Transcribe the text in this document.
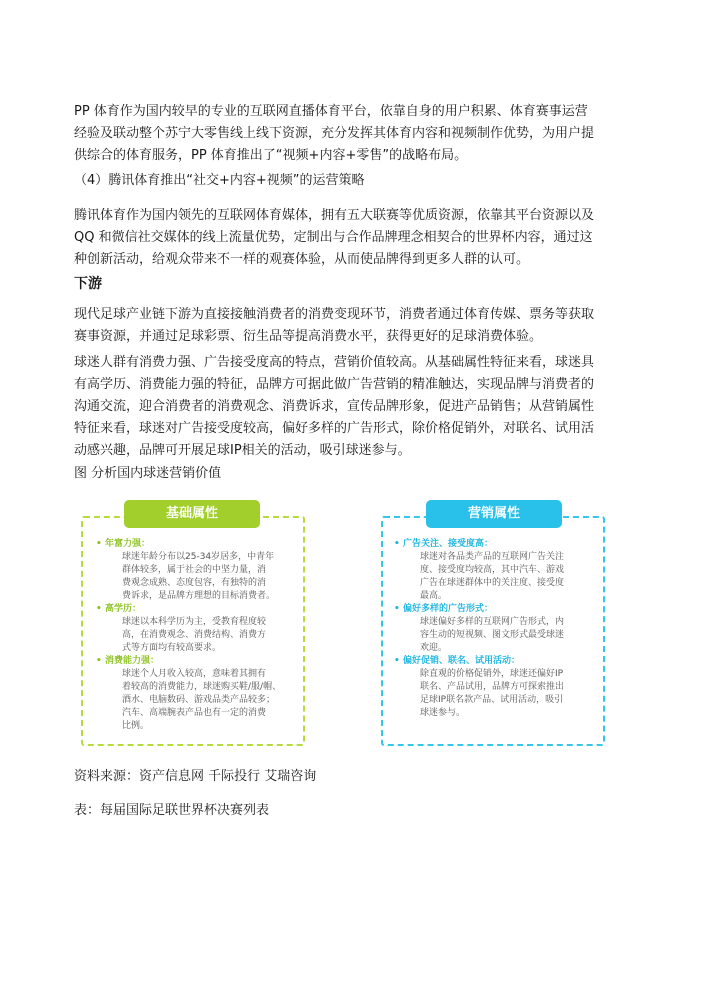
PP 体育作为国内较早的专业的互联网直播体育平台，依靠自身的用户积累、体育赛事运营
经验及联动整个苏宁大零售线上线下资源，充分发挥其体育内容和视频制作优势，为用户提
供综合的体育服务，PP 体育推出了“视频+内容+零售”的战略布局。

（4）腾讯体育推出“社交+内容+视频”的运营策略

腾讯体育作为国内领先的互联网体育媒体，拥有五大联赛等优质资源，依靠其平台资源以及
QQ 和微信社交媒体的线上流量优势，定制出与合作品牌理念相契合的世界杯内容，通过这
种创新活动，给观众带来不一样的观赛体验，从而使品牌得到更多人群的认可。

下游

现代足球产业链下游为直接接触消费者的消费变现环节，消费者通过体育传媒、票务等获取
赛事资源，并通过足球彩票、衍生品等提高消费水平，获得更好的足球消费体验。

球迷人群有消费力强、广告接受度高的特点，营销价值较高。从基础属性特征来看，球迷具
有高学历、消费能力强的特征，品牌方可据此做广告营销的精准触达，实现品牌与消费者的
沟通交流，迎合消费者的消费观念、消费诉求，宣传品牌形象，促进产品销售；从营销属性
特征来看，球迷对广告接受度较高，偏好多样的广告形式，除价格促销外，对联名、试用活
动感兴趣，品牌可开展足球IP相关的活动，吸引球迷参与。

图 分析国内球迷营销价值

基础属性
• 年富力强：
球迷年龄分布以25-34岁居多，中青年
群体较多，属于社会的中坚力量，消
费观念成熟、态度包容，有独特的消
费诉求，是品牌方理想的目标消费者。
• 高学历：
球迷以本科学历为主，受教育程度较
高，在消费观念、消费结构、消费方
式等方面均有较高要求。
• 消费能力强：
球迷个人月收入较高，意味着其拥有
着较高的消费能力，球迷购买鞋/服/帽、
酒水、电脑数码、游戏品类产品较多；
汽车、高端腕表产品也有一定的消费
比例。
营销属性
• 广告关注、接受度高：
球迷对各品类产品的互联网广告关注
度、接受度均较高，其中汽车、游戏
广告在球迷群体中的关注度、接受度
最高。
• 偏好多样的广告形式：
球迷偏好多样的互联网广告形式，内
容生动的短视频、图文形式最受球迷
欢迎。
• 偏好促销、联名、试用活动：
除直观的价格促销外，球迷还偏好IP
联名、产品试用，品牌方可探索推出
足球IP联名款产品、试用活动，吸引
球迷参与。

资料来源：资产信息网 千际投行 艾瑞咨询

表：每届国际足联世界杯决赛列表
